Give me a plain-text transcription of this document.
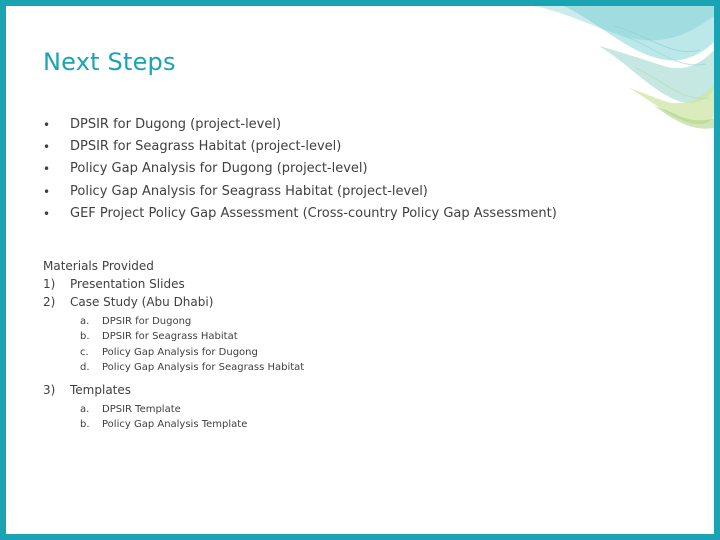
Next Steps
•	DPSIR for Dugong (project-level)
•	DPSIR for Seagrass Habitat (project-level)
•	Policy Gap Analysis for Dugong (project-level)
•	Policy Gap Analysis for Seagrass Habitat (project-level)
•	GEF Project Policy Gap Assessment (Cross-country Policy Gap Assessment)
Materials Provided
1) Presentation Slides
2) Case Study (Abu Dhabi)
a. DPSIR for Dugong
b. DPSIR for Seagrass Habitat
c. Policy Gap Analysis for Dugong
d. Policy Gap Analysis for Seagrass Habitat
3) Templates
a. DPSIR Template
b. Policy Gap Analysis Template
